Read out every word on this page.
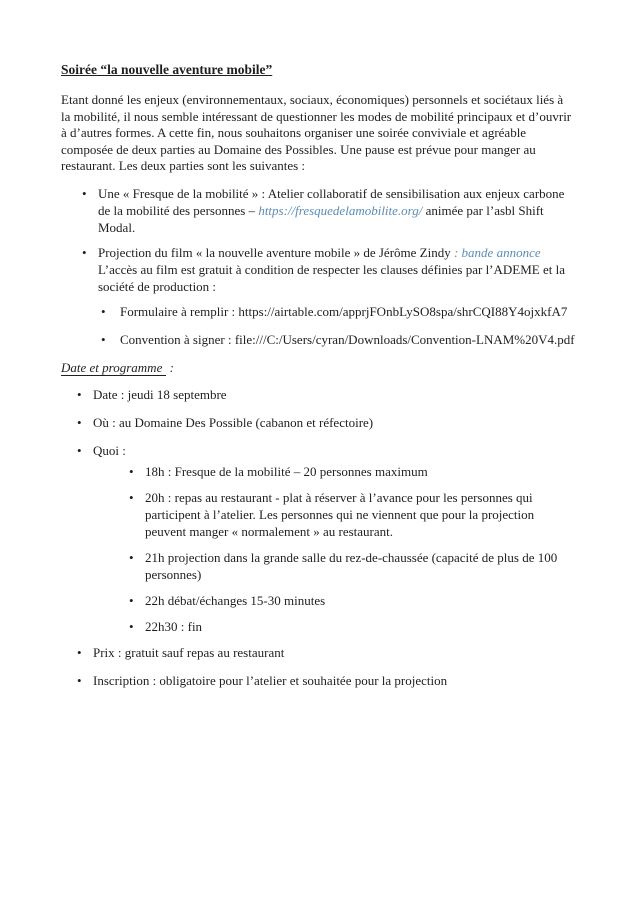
Soirée “la nouvelle aventure mobile”

Etant donné les enjeux (environnementaux, sociaux, économiques) personnels et sociétaux liés à la mobilité, il nous semble intéressant de questionner les modes de mobilité principaux et d’ouvrir à d’autres formes. A cette fin, nous souhaitons organiser une soirée conviviale et agréable composée de deux parties au Domaine des Possibles. Une pause est prévue pour manger au restaurant. Les deux parties sont les suivantes :

• Une « Fresque de la mobilité » : Atelier collaboratif de sensibilisation aux enjeux carbone de la mobilité des personnes – https://fresquedelamobilite.org/ animée par l’asbl Shift Modal.
• Projection du film « la nouvelle aventure mobile » de Jérôme Zindy : bande annonce
L’accès au film est gratuit à condition de respecter les clauses définies par l’ADEME et la société de production :
•	Formulaire à remplir : https://airtable.com/apprjFOnbLySO8spa/shrCQI88Y4ojxkfA7
•	Convention à signer : file:///C:/Users/cyran/Downloads/Convention-LNAM%20V4.pdf
Date et programme :
• Date : jeudi 18 septembre
• Où : au Domaine Des Possible (cabanon et réfectoire)
• Quoi :
• 18h : Fresque de la mobilité – 20 personnes maximum
• 20h : repas au restaurant - plat à réserver à l’avance pour les personnes qui participent à l’atelier. Les personnes qui ne viennent que pour la projection peuvent manger « normalement » au restaurant.
• 21h projection dans la grande salle du rez-de-chaussée (capacité de plus de 100 personnes)
• 22h débat/échanges 15-30 minutes
• 22h30 : fin
• Prix : gratuit sauf repas au restaurant
• Inscription : obligatoire pour l’atelier et souhaitée pour la projection
